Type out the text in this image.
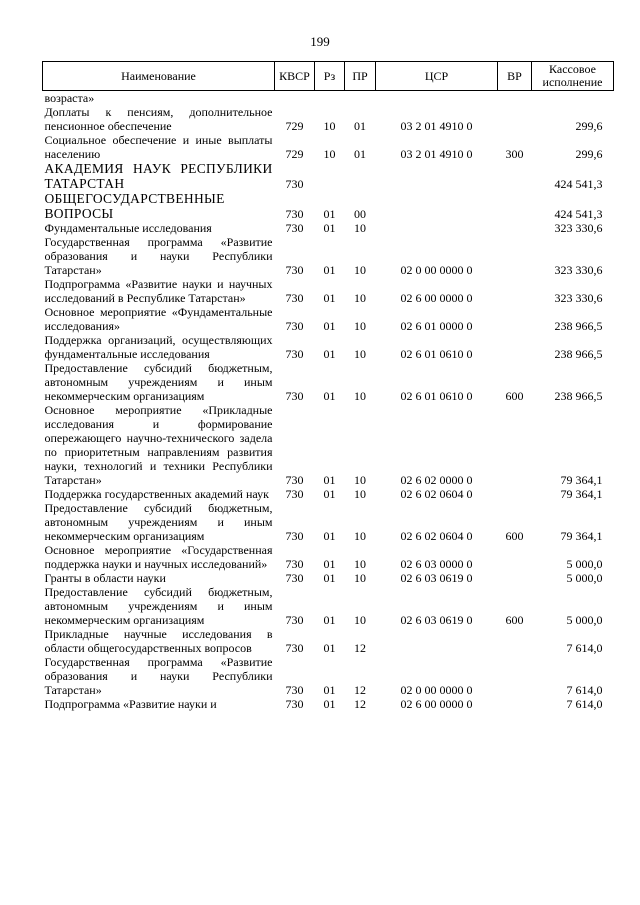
199
Наименование	КВСР	Рз	ПР	ЦСР	ВР	Кассовое
исполнение
возраста»						
Доплаты к пенсиям, дополнительное пенсионное обеспечение	729	10	01	03 2 01 4910 0		299,6
Социальное обеспечение и иные выплаты населению	729	10	01	03 2 01 4910 0	300	299,6
АКАДЕМИЯ НАУК РЕСПУБЛИКИ ТАТАРСТАН	730					424 541,3
ОБЩЕГОСУДАРСТВЕННЫЕ ВОПРОСЫ	730	01	00			424 541,3
Фундаментальные исследования	730	01	10			323 330,6
Государственная программа «Развитие образования и науки Республики Татарстан»	730	01	10	02 0 00 0000 0		323 330,6
Подпрограмма «Развитие науки и научных исследований в Республике Татарстан»	730	01	10	02 6 00 0000 0		323 330,6
Основное мероприятие «Фундаментальные исследования»	730	01	10	02 6 01 0000 0		238 966,5
Поддержка организаций, осуществляющих фундаментальные исследования	730	01	10	02 6 01 0610 0		238 966,5
Предоставление субсидий бюджетным, автономным учреждениям и иным некоммерческим организациям	730	01	10	02 6 01 0610 0	600	238 966,5
Основное мероприятие «Прикладные исследования и формирование опережающего научно-технического задела по приоритетным направлениям развития науки, технологий и техники Республики Татарстан»	730	01	10	02 6 02 0000 0		79 364,1
Поддержка государственных академий наук	730	01	10	02 6 02 0604 0		79 364,1
Предоставление субсидий бюджетным, автономным учреждениям и иным некоммерческим организациям	730	01	10	02 6 02 0604 0	600	79 364,1
Основное мероприятие «Государственная поддержка науки и научных исследований»	730	01	10	02 6 03 0000 0		5 000,0
Гранты в области науки	730	01	10	02 6 03 0619 0		5 000,0
Предоставление субсидий бюджетным, автономным учреждениям и иным некоммерческим организациям	730	01	10	02 6 03 0619 0	600	5 000,0
Прикладные научные исследования в области общегосударственных вопросов	730	01	12			7 614,0
Государственная программа «Развитие образования и науки Республики Татарстан»	730	01	12	02 0 00 0000 0		7 614,0
Подпрограмма «Развитие науки и	730	01	12	02 6 00 0000 0		7 614,0
